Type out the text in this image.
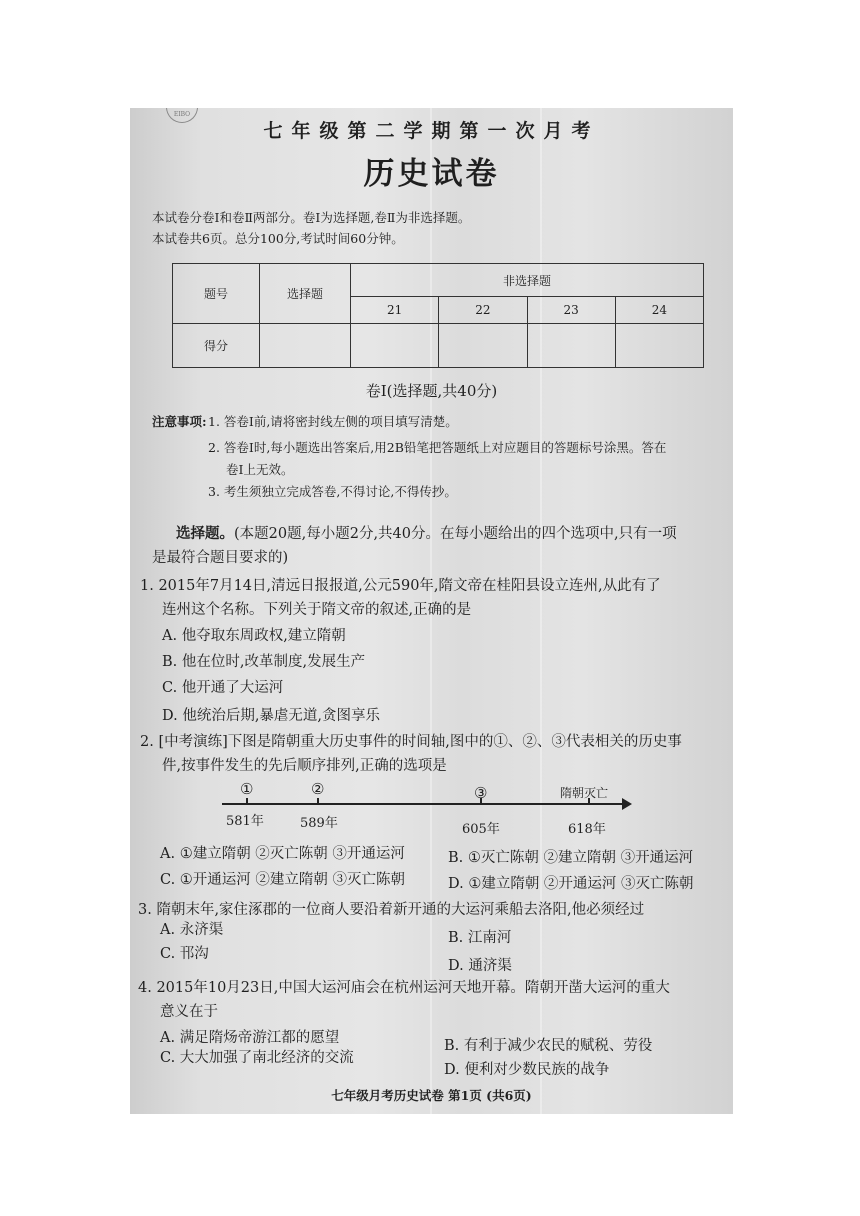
EIBO
七年级第二学期第一次月考
历史试卷
本试卷分卷Ⅰ和卷Ⅱ两部分。卷Ⅰ为选择题,卷Ⅱ为非选择题。
本试卷共6页。总分100分,考试时间60分钟。
题号	选择题	非选择题			
		21	22	23	24
得分					
卷Ⅰ(选择题,共40分)
注意事项: 1. 答卷Ⅰ前,请将密封线左侧的项目填写清楚。
2. 答卷Ⅰ时,每小题选出答案后,用2B铅笔把答题纸上对应题目的答题标号涂黑。答在
卷Ⅰ上无效。
3. 考生须独立完成答卷,不得讨论,不得传抄。
选择题。(本题20题,每小题2分,共40分。在每小题给出的四个选项中,只有一项
是最符合题目要求的)
1. 2015年7月14日,清远日报报道,公元590年,隋文帝在桂阳县设立连州,从此有了
连州这个名称。下列关于隋文帝的叙述,正确的是
A. 他夺取东周政权,建立隋朝
B. 他在位时,改革制度,发展生产
C. 他开通了大运河
D. 他统治后期,暴虐无道,贪图享乐
2. [中考演练]下图是隋朝重大历史事件的时间轴,图中的①、②、③代表相关的历史事
件,按事件发生的先后顺序排列,正确的选项是
①	②	③	隋朝灭亡
581年	589年	605年	618年
A. ①建立隋朝 ②灭亡陈朝 ③开通运河	B. ①灭亡陈朝 ②建立隋朝 ③开通运河
C. ①开通运河 ②建立隋朝 ③灭亡陈朝	D. ①建立隋朝 ②开通运河 ③灭亡陈朝
3. 隋朝末年,家住涿郡的一位商人要沿着新开通的大运河乘船去洛阳,他必须经过
A. 永济渠	B. 江南河
C. 邗沟
D. 通济渠
4. 2015年10月23日,中国大运河庙会在杭州运河天地开幕。隋朝开凿大运河的重大
意义在于
A. 满足隋炀帝游江都的愿望	B. 有利于减少农民的赋税、劳役
C. 大大加强了南北经济的交流
D. 便利对少数民族的战争
七年级月考历史试卷 第1页 (共6页)
